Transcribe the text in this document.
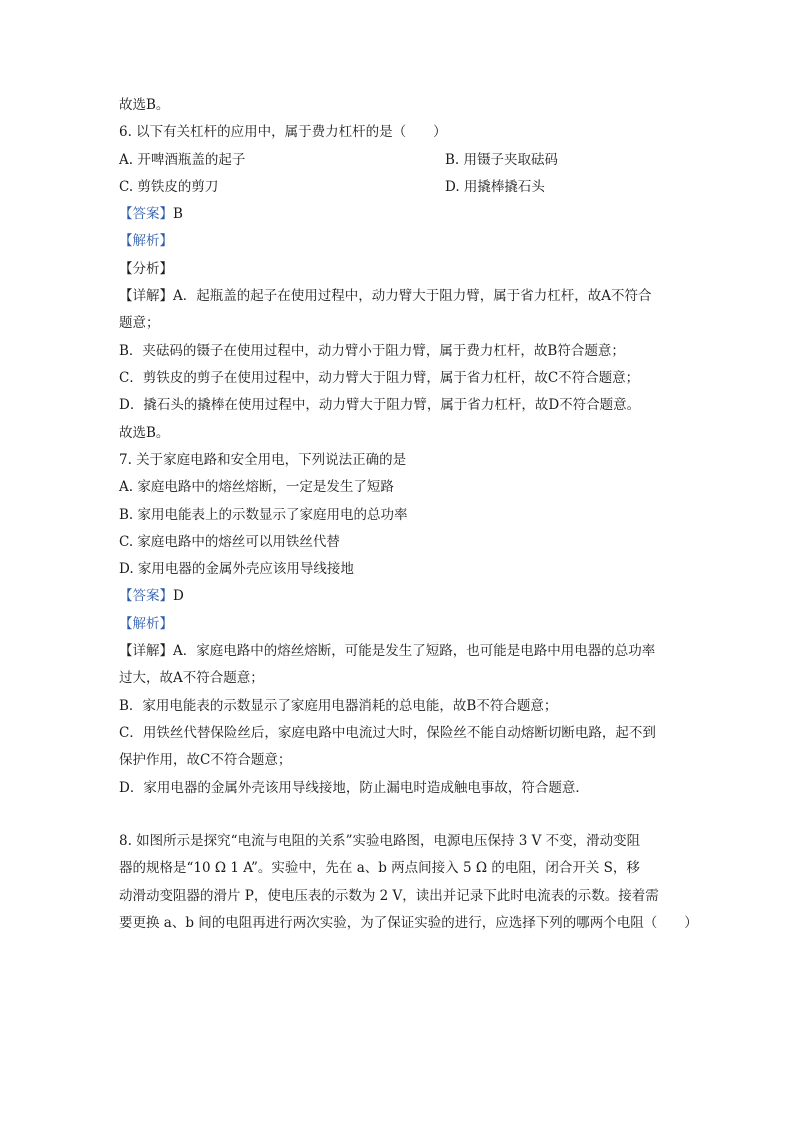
故选B。
6. 以下有关杠杆的应用中，属于费力杠杆的是（　　）
A. 开啤酒瓶盖的起子	B. 用镊子夹取砝码
C. 剪铁皮的剪刀	D. 用撬棒撬石头
【答案】B
【解析】
【分析】
【详解】A．起瓶盖的起子在使用过程中，动力臂大于阻力臂，属于省力杠杆，故A不符合
题意；
B．夹砝码的镊子在使用过程中，动力臂小于阻力臂，属于费力杠杆，故B符合题意；
C．剪铁皮的剪子在使用过程中，动力臂大于阻力臂，属于省力杠杆，故C不符合题意；
D．撬石头的撬棒在使用过程中，动力臂大于阻力臂，属于省力杠杆，故D不符合题意。
故选B。
7. 关于家庭电路和安全用电，下列说法正确的是
A. 家庭电路中的熔丝熔断，一定是发生了短路
B. 家用电能表上的示数显示了家庭用电的总功率
C. 家庭电路中的熔丝可以用铁丝代替
D. 家用电器的金属外壳应该用导线接地
【答案】D
【解析】
【详解】A．家庭电路中的熔丝熔断，可能是发生了短路，也可能是电路中用电器的总功率
过大，故A不符合题意；
B．家用电能表的示数显示了家庭用电器消耗的总电能，故B不符合题意；
C．用铁丝代替保险丝后，家庭电路中电流过大时，保险丝不能自动熔断切断电路，起不到
保护作用，故C不符合题意；
D．家用电器的金属外壳该用导线接地，防止漏电时造成触电事故，符合题意．
8. 如图所示是探究“电流与电阻的关系”实验电路图，电源电压保持 3 V 不变，滑动变阻
器的规格是“10 Ω 1 A”。实验中，先在 a、b 两点间接入 5 Ω 的电阻，闭合开关 S，移
动滑动变阻器的滑片 P，使电压表的示数为 2 V，读出并记录下此时电流表的示数。接着需
要更换 a、b 间的电阻再进行两次实验，为了保证实验的进行，应选择下列的哪两个电阻（　　）
